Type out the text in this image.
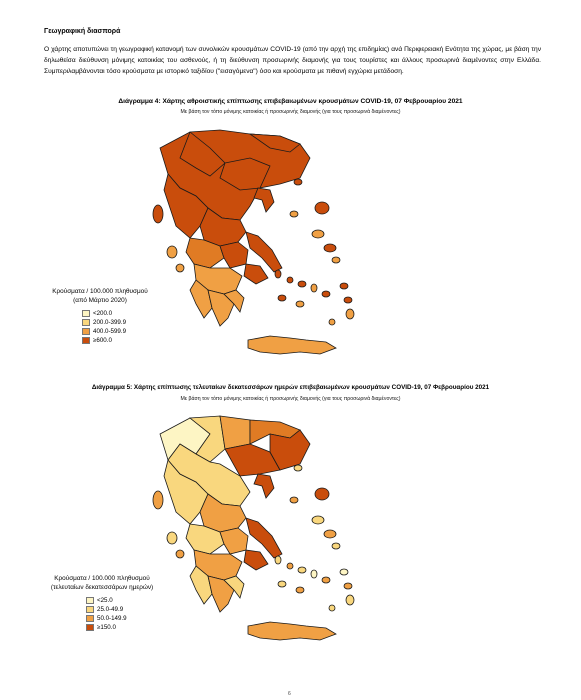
Γεωγραφική διασπορά
Ο χάρτης αποτυπώνει τη γεωγραφική κατανομή των συνολικών κρουσμάτων COVID-19 (από την αρχή της επιδημίας) ανά Περιφερειακή Ενότητα της χώρας, με βάση την δηλωθείσα διεύθυνση μόνιμης κατοικίας του ασθενούς, ή τη διεύθυνση προσωρινής διαμονής για τους τουρίστες και άλλους προσωρινά διαμένοντες στην Ελλάδα. Συμπεριλαμβάνονται τόσο κρούσματα με ιστορικό ταξιδίου ("εισαγόμενα") όσο και κρούσματα με πιθανή εγχώρια μετάδοση.
Διάγραμμα 4: Χάρτης αθροιστικής επίπτωσης επιβεβαιωμένων κρουσμάτων COVID-19, 07 Φεβρουαρίου 2021
Με βάση τον τόπο μόνιμης κατοικίας ή προσωρινής διαμονής (για τους προσωρινά διαμένοντες)
Κρούσματα / 100.000 πληθυσμού
(από Μάρτιο 2020)
<200.0
200.0-399.9
400.0-599.9
≥600.0
Διάγραμμα 5: Χάρτης επίπτωσης τελευταίων δεκατεσσάρων ημερών επιβεβαιωμένων κρουσμάτων COVID-19, 07 Φεβρουαρίου 2021
Με βάση τον τόπο μόνιμης κατοικίας ή προσωρινής διαμονής (για τους προσωρινά διαμένοντες)
Κρούσματα / 100.000 πληθυσμού
(τελευταίων δεκατεσσάρων ημερών)
<25.0
25.0-49.9
50.0-149.9
≥150.0
6
